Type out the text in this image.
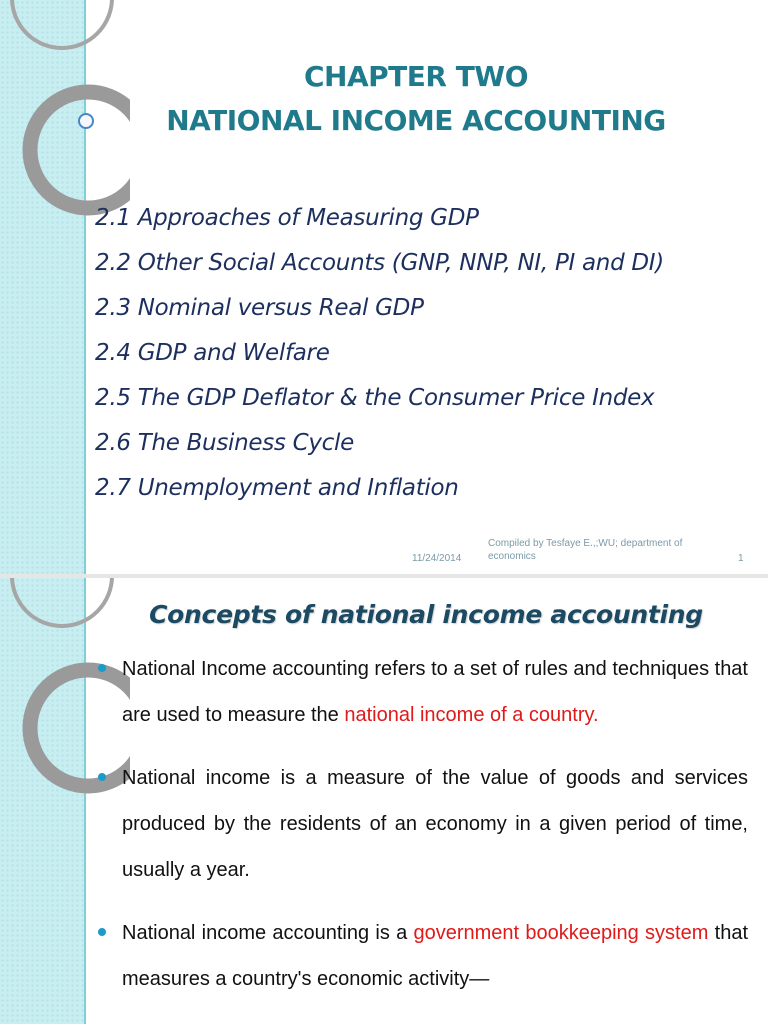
CHAPTER TWO
NATIONAL INCOME ACCOUNTING
2.1 Approaches of Measuring GDP
2.2 Other Social Accounts (GNP, NNP, NI, PI and DI)
2.3 Nominal versus Real GDP
2.4 GDP and Welfare
2.5 The GDP Deflator & the Consumer Price Index
2.6 The Business Cycle
2.7 Unemployment and Inflation
11/24/2014
Compiled by Tesfaye E.,;WU; department of economics	1
Concepts of national income accounting
National Income accounting refers to a set of rules and techniques that are used to measure the national income of a country.
National income is a measure of the value of goods and services produced by the residents of an economy in a given period of time, usually a year.
National income accounting is a government bookkeeping system that measures a country's economic activity—
